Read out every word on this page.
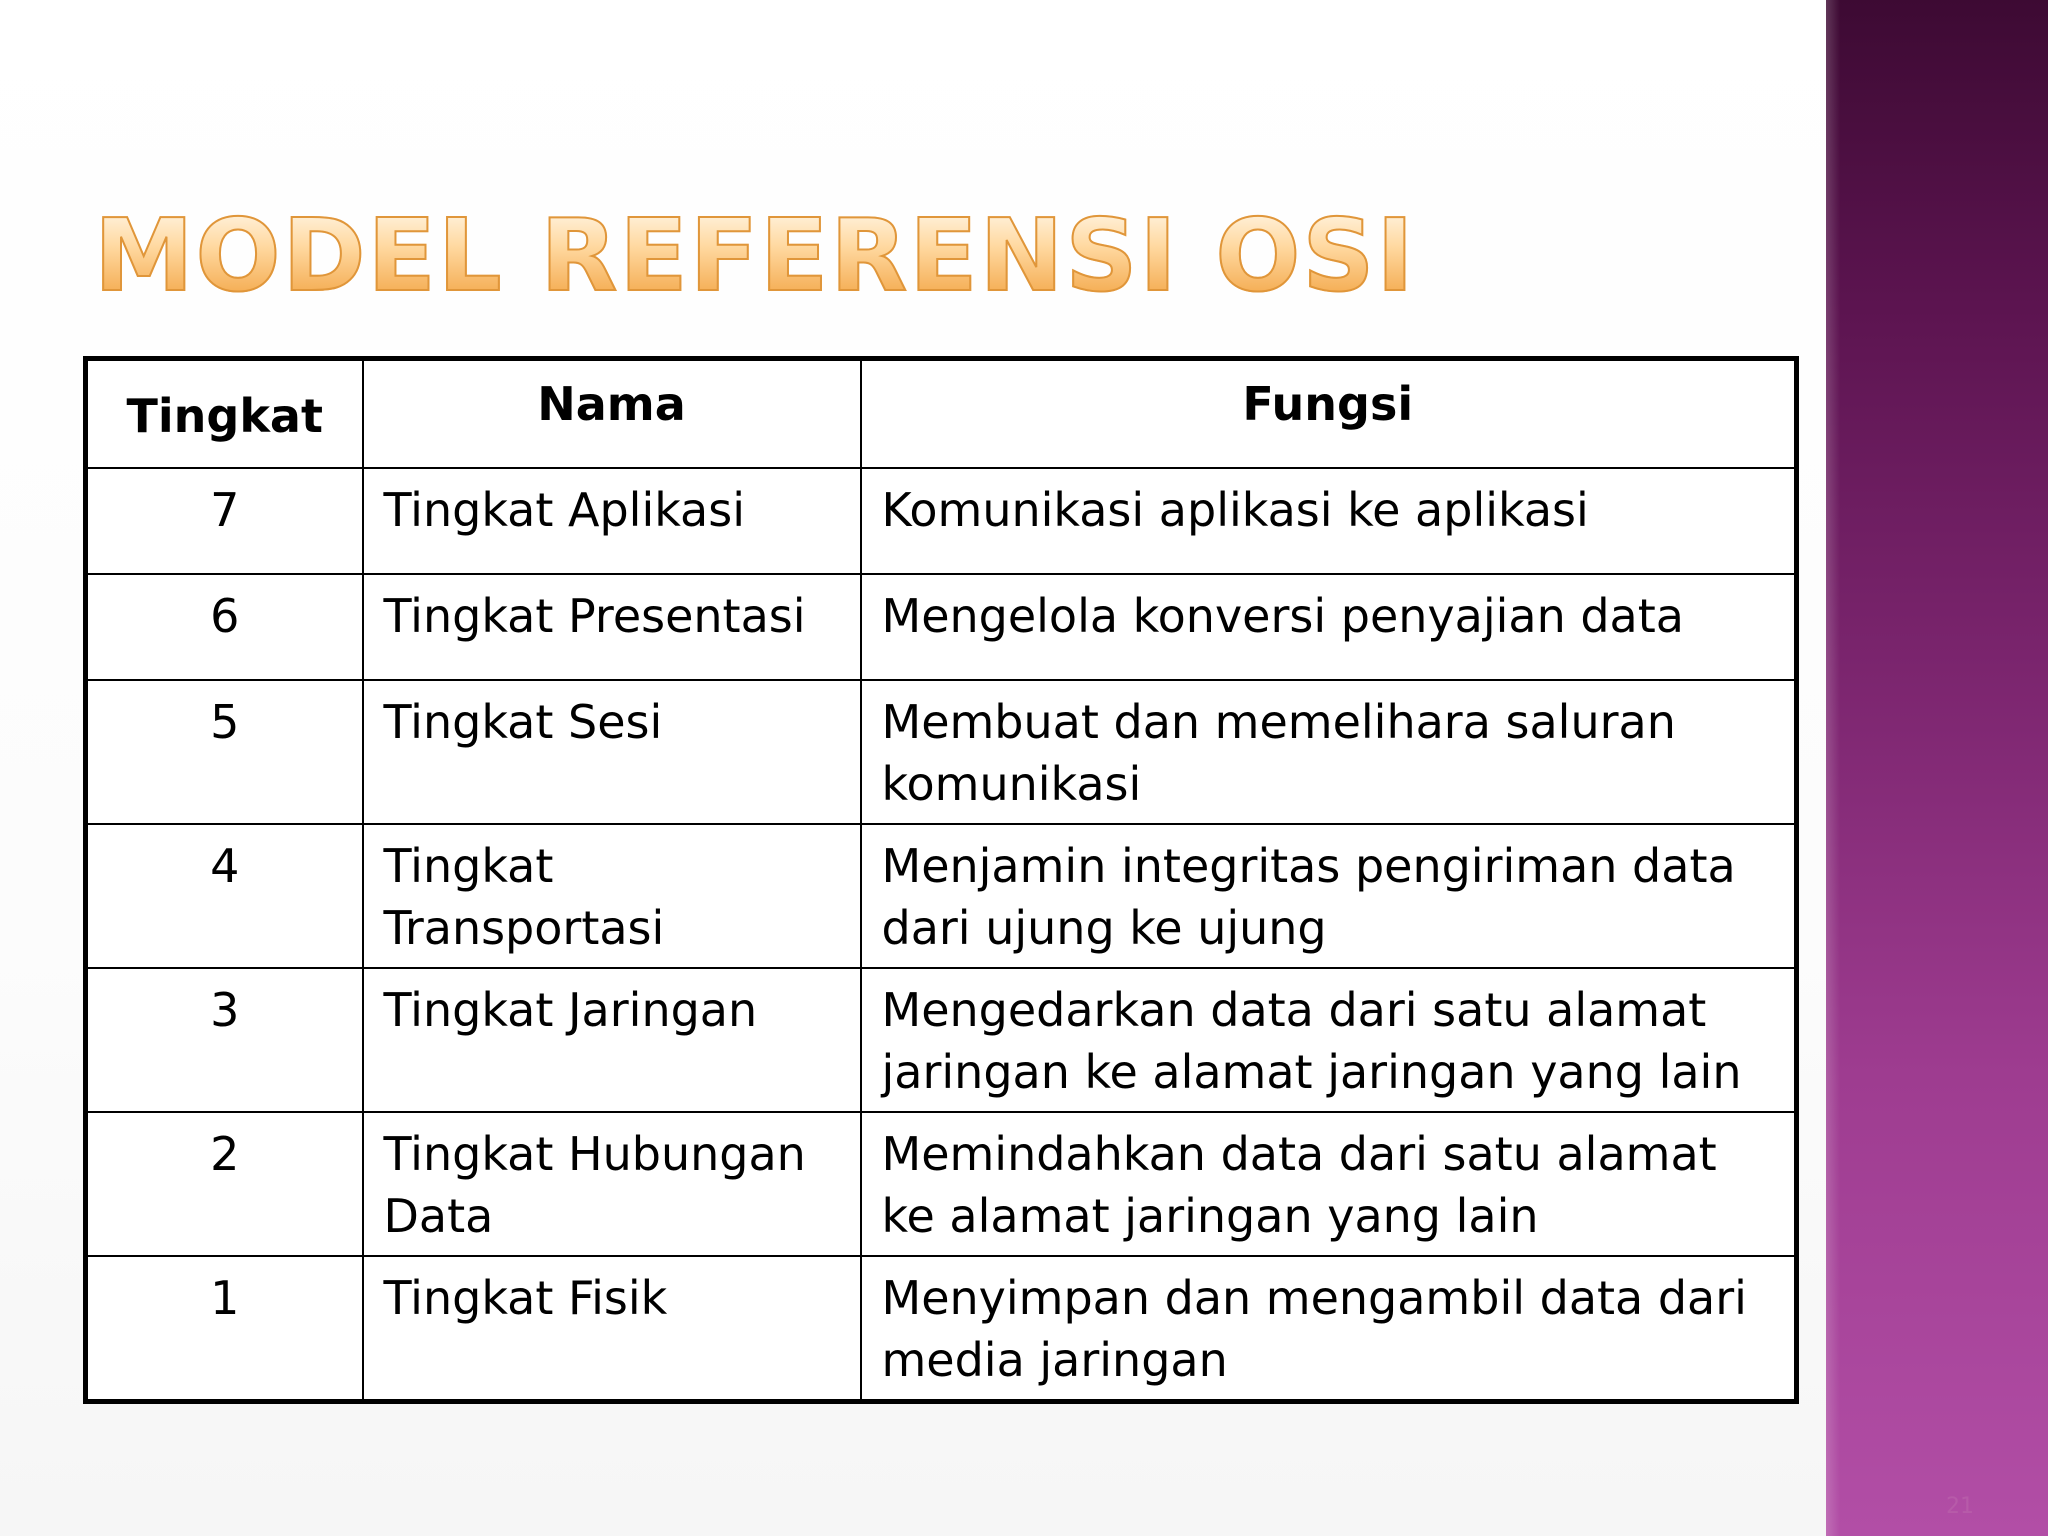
MODEL REFERENSI OSI
Tingkat	Nama	Fungsi
7	Tingkat Aplikasi	Komunikasi aplikasi ke aplikasi
6	Tingkat Presentasi	Mengelola konversi penyajian data
5	Tingkat Sesi	Membuat dan memelihara saluran komunikasi
4	Tingkat Transportasi	Menjamin integritas pengiriman data dari ujung ke ujung
3	Tingkat Jaringan	Mengedarkan data dari satu alamat jaringan ke alamat jaringan yang lain
2	Tingkat Hubungan Data	Memindahkan data dari satu alamat ke alamat jaringan yang lain
1	Tingkat Fisik	Menyimpan dan mengambil data dari media jaringan
21
